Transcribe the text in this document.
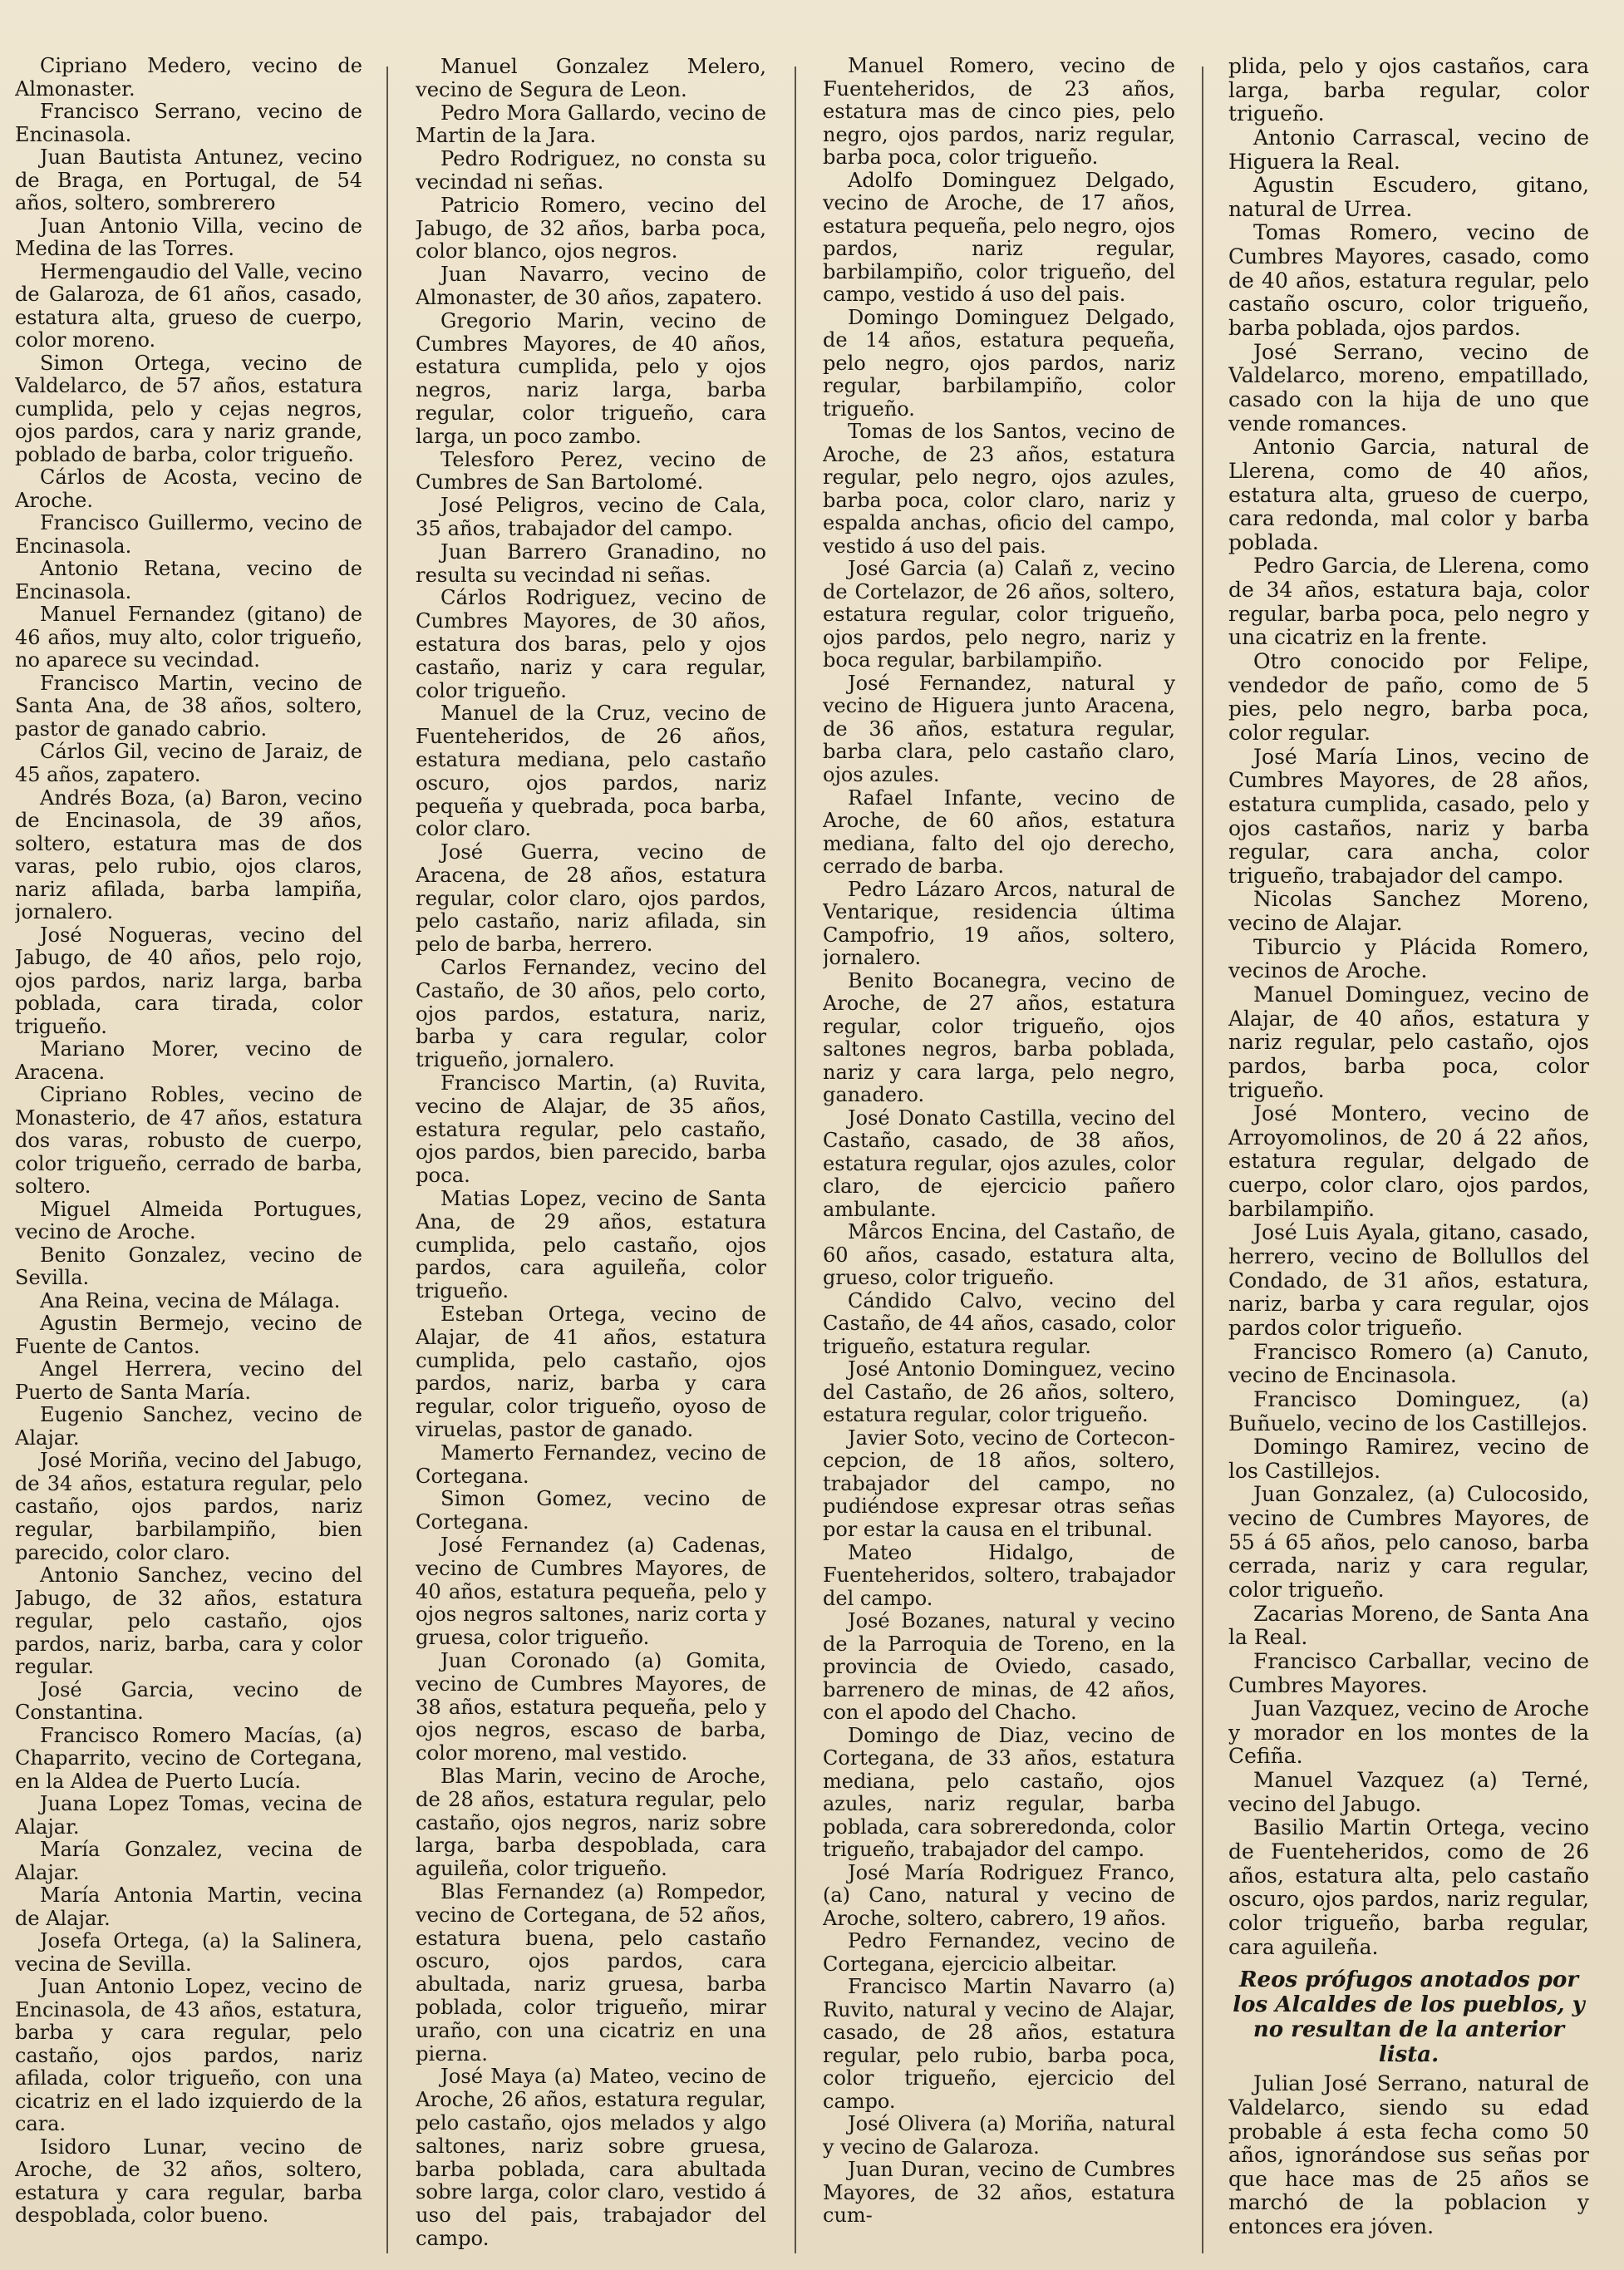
Cipriano Medero, vecino de Almonaster.

Francisco Serrano, vecino de Encinasola.

Juan Bautista Antunez, vecino de Braga, en Portugal, de 54 años, soltero, sombrerero

Juan Antonio Villa, vecino de Medina de las Torres.

Hermengaudio del Valle, vecino de Galaroza, de 61 años, casado, estatura alta, grueso de cuerpo, color moreno.

Simon Ortega, vecino de Valdelarco, de 57 años, estatura cumplida, pelo y cejas negros, ojos pardos, cara y nariz grande, poblado de barba, color trigueño.

Cárlos de Acosta, vecino de Aroche.

Francisco Guillermo, vecino de Encinasola.

Antonio Retana, vecino de Encinasola.

Manuel Fernandez (gitano) de 46 años, muy alto, color trigueño, no aparece su vecindad.

Francisco Martin, vecino de Santa Ana, de 38 años, soltero, pastor de ganado cabrio.

Cárlos Gil, vecino de Jaraiz, de 45 años, zapatero.

Andrés Boza, (a) Baron, vecino de Encinasola, de 39 años, soltero, estatura mas de dos varas, pelo rubio, ojos claros, nariz afilada, barba lampiña, jornalero.

José Nogueras, vecino del Jabugo, de 40 años, pelo rojo, ojos pardos, nariz larga, barba poblada, cara tirada, color trigueño.

Mariano Morer, vecino de Aracena.

Cipriano Robles, vecino de Monasterio, de 47 años, estatura dos varas, robusto de cuerpo, color trigueño, cerrado de barba, soltero.

Miguel Almeida Portugues, vecino de Aroche.

Benito Gonzalez, vecino de Sevilla.

Ana Reina, vecina de Málaga.

Agustin Bermejo, vecino de Fuente de Cantos.

Angel Herrera, vecino del Puerto de Santa María.

Eugenio Sanchez, vecino de Alajar.

José Moriña, vecino del Jabugo, de 34 años, estatura regular, pelo castaño, ojos pardos, nariz regular, barbilampiño, bien parecido, color claro.

Antonio Sanchez, vecino del Jabugo, de 32 años, estatura regular, pelo castaño, ojos pardos, nariz, barba, cara y color regular.

José Garcia, vecino de Constantina.

Francisco Romero Macías, (a) Chaparrito, vecino de Cortegana, en la Aldea de Puerto Lucía.

Juana Lopez Tomas, vecina de Alajar.

María Gonzalez, vecina de Alajar.

María Antonia Martin, vecina de Alajar.

Josefa Ortega, (a) la Salinera, vecina de Sevilla.

Juan Antonio Lopez, vecino de Encinasola, de 43 años, estatura, barba y cara regular, pelo castaño, ojos pardos, nariz afilada, color trigueño, con una cicatriz en el lado izquierdo de la cara.

Isidoro Lunar, vecino de Aroche, de 32 años, soltero, estatura y cara regular, barba despoblada, color bueno.

Manuel Gonzalez Melero, vecino de Segura de Leon.

Pedro Mora Gallardo, vecino de Martin de la Jara.

Pedro Rodriguez, no consta su vecindad ni señas.

Patricio Romero, vecino del Jabugo, de 32 años, barba poca, color blanco, ojos negros.

Juan Navarro, vecino de Almonaster, de 30 años, zapatero.

Gregorio Marin, vecino de Cumbres Mayores, de 40 años, estatura cumplida, pelo y ojos negros, nariz larga, barba regular, color trigueño, cara larga, un poco zambo.

Telesforo Perez, vecino de Cumbres de San Bartolomé.

José Peligros, vecino de Cala, 35 años, trabajador del campo.

Juan Barrero Granadino, no resulta su vecindad ni señas.

Cárlos Rodriguez, vecino de Cumbres Mayores, de 30 años, estatura dos baras, pelo y ojos castaño, nariz y cara regular, color trigueño.

Manuel de la Cruz, vecino de Fuenteheridos, de 26 años, estatura mediana, pelo castaño oscuro, ojos pardos, nariz pequeña y quebrada, poca barba, color claro.

José Guerra, vecino de Aracena, de 28 años, estatura regular, color claro, ojos pardos, pelo castaño, nariz afilada, sin pelo de barba, herrero.

Carlos Fernandez, vecino del Castaño, de 30 años, pelo corto, ojos pardos, estatura, nariz, barba y cara regular, color trigueño, jornalero.

Francisco Martin, (a) Ruvita, vecino de Alajar, de 35 años, estatura regular, pelo castaño, ojos pardos, bien parecido, barba poca.

Matias Lopez, vecino de Santa Ana, de 29 años, estatura cumplida, pelo castaño, ojos pardos, cara aguileña, color trigueño.

Esteban Ortega, vecino de Alajar, de 41 años, estatura cumplida, pelo castaño, ojos pardos, nariz, barba y cara regular, color trigueño, oyoso de viruelas, pastor de ganado.

Mamerto Fernandez, vecino de Cortegana.

Simon Gomez, vecino de Cortegana.

José Fernandez (a) Cadenas, vecino de Cumbres Mayores, de 40 años, estatura pequeña, pelo y ojos negros saltones, nariz corta y gruesa, color trigueño.

Juan Coronado (a) Gomita, vecino de Cumbres Mayores, de 38 años, estatura pequeña, pelo y ojos negros, escaso de barba, color moreno, mal vestido.

Blas Marin, vecino de Aroche, de 28 años, estatura regular, pelo castaño, ojos negros, nariz sobre larga, barba despoblada, cara aguileña, color trigueño.

Blas Fernandez (a) Rompedor, vecino de Cortegana, de 52 años, estatura buena, pelo castaño oscuro, ojos pardos, cara abultada, nariz gruesa, barba poblada, color trigueño, mirar uraño, con una cicatriz en una pierna.

José Maya (a) Mateo, vecino de Aroche, 26 años, estatura regular, pelo castaño, ojos melados y algo saltones, nariz sobre gruesa, barba poblada, cara abultada sobre larga, color claro, vestido á uso del pais, trabajador del campo.

Manuel Romero, vecino de Fuenteheridos, de 23 años, estatura mas de cinco pies, pelo negro, ojos pardos, nariz regular, barba poca, color trigueño.

Adolfo Dominguez Delgado, vecino de Aroche, de 17 años, estatura pequeña, pelo negro, ojos pardos, nariz regular, barbilampiño, color trigueño, del campo, vestido á uso del pais.

Domingo Dominguez Delgado, de 14 años, estatura pequeña, pelo negro, ojos pardos, nariz regular, barbilampiño, color trigueño.

Tomas de los Santos, vecino de Aroche, de 23 años, estatura regular, pelo negro, ojos azules, barba poca, color claro, nariz y espalda anchas, oficio del campo, vestido á uso del pais.

José Garcia (a) Calañ z, vecino de Cortelazor, de 26 años, soltero, estatura regular, color trigueño, ojos pardos, pelo negro, nariz y boca regular, barbilampiño.

José Fernandez, natural y vecino de Higuera junto Aracena, de 36 años, estatura regular, barba clara, pelo castaño claro, ojos azules.

Rafael Infante, vecino de Aroche, de 60 años, estatura mediana, falto del ojo derecho, cerrado de barba.

Pedro Lázaro Arcos, natural de Ventarique, residencia última Campofrio, 19 años, soltero, jornalero.

Benito Bocanegra, vecino de Aroche, de 27 años, estatura regular, color trigueño, ojos saltones negros, barba poblada, nariz y cara larga, pelo negro, ganadero.

José Donato Castilla, vecino del Castaño, casado, de 38 años, estatura regular, ojos azules, color claro, de ejercicio pañero ambulante.

Mårcos Encina, del Castaño, de 60 años, casado, estatura alta, grueso, color trigueño.

Cándido Calvo, vecino del Castaño, de 44 años, casado, color trigueño, estatura regular.

José Antonio Dominguez, vecino del Castaño, de 26 años, soltero, estatura regular, color trigueño.

Javier Soto, vecino de Cortecon-cepcion, de 18 años, soltero, trabajador del campo, no pudiéndose expresar otras señas por estar la causa en el tribunal.

Mateo Hidalgo, de Fuenteheridos, soltero, trabajador del campo.

José Bozanes, natural y vecino de la Parroquia de Toreno, en la provincia de Oviedo, casado, barrenero de minas, de 42 años, con el apodo del Chacho.

Domingo de Diaz, vecino de Cortegana, de 33 años, estatura mediana, pelo castaño, ojos azules, nariz regular, barba poblada, cara sobreredonda, color trigueño, trabajador del campo.

José María Rodriguez Franco, (a) Cano, natural y vecino de Aroche, soltero, cabrero, 19 años.

Pedro Fernandez, vecino de Cortegana, ejercicio albeitar.

Francisco Martin Navarro (a) Ruvito, natural y vecino de Alajar, casado, de 28 años, estatura regular, pelo rubio, barba poca, color trigueño, ejercicio del campo.

José Olivera (a) Moriña, natural y vecino de Galaroza.

Juan Duran, vecino de Cumbres Mayores, de 32 años, estatura cum-

plida, pelo y ojos castaños, cara larga, barba regular, color trigueño.

Antonio Carrascal, vecino de Higuera la Real.

Agustin Escudero, gitano, natural de Urrea.

Tomas Romero, vecino de Cumbres Mayores, casado, como de 40 años, estatura regular, pelo castaño oscuro, color trigueño, barba poblada, ojos pardos.

José Serrano, vecino de Valdelarco, moreno, empatillado, casado con la hija de uno que vende romances.

Antonio Garcia, natural de Llerena, como de 40 años, estatura alta, grueso de cuerpo, cara redonda, mal color y barba poblada.

Pedro Garcia, de Llerena, como de 34 años, estatura baja, color regular, barba poca, pelo negro y una cicatriz en la frente.

Otro conocido por Felipe, vendedor de paño, como de 5 pies, pelo negro, barba poca, color regular.

José María Linos, vecino de Cumbres Mayores, de 28 años, estatura cumplida, casado, pelo y ojos castaños, nariz y barba regular, cara ancha, color trigueño, trabajador del campo.

Nicolas Sanchez Moreno, vecino de Alajar.

Tiburcio y Plácida Romero, vecinos de Aroche.

Manuel Dominguez, vecino de Alajar, de 40 años, estatura y nariz regular, pelo castaño, ojos pardos, barba poca, color trigueño.

José Montero, vecino de Arroyomolinos, de 20 á 22 años, estatura regular, delgado de cuerpo, color claro, ojos pardos, barbilampiño.

José Luis Ayala, gitano, casado, herrero, vecino de Bollullos del Condado, de 31 años, estatura, nariz, barba y cara regular, ojos pardos color trigueño.

Francisco Romero (a) Canuto, vecino de Encinasola.

Francisco Dominguez, (a) Buñuelo, vecino de los Castillejos.

Domingo Ramirez, vecino de los Castillejos.

Juan Gonzalez, (a) Culocosido, vecino de Cumbres Mayores, de 55 á 65 años, pelo canoso, barba cerrada, nariz y cara regular, color trigueño.

Zacarias Moreno, de Santa Ana la Real.

Francisco Carballar, vecino de Cumbres Mayores.

Juan Vazquez, vecino de Aroche y morador en los montes de la Cefiña.

Manuel Vazquez (a) Terné, vecino del Jabugo.

Basilio Martin Ortega, vecino de Fuenteheridos, como de 26 años, estatura alta, pelo castaño oscuro, ojos pardos, nariz regular, color trigueño, barba regular, cara aguileña.

Reos prófugos anotados por los Alcaldes de los pueblos, y no resultan de la anterior lista.

Julian José Serrano, natural de Valdelarco, siendo su edad probable á esta fecha como 50 años, ignorándose sus señas por que hace mas de 25 años se marchó de la poblacion y entonces era jóven.
